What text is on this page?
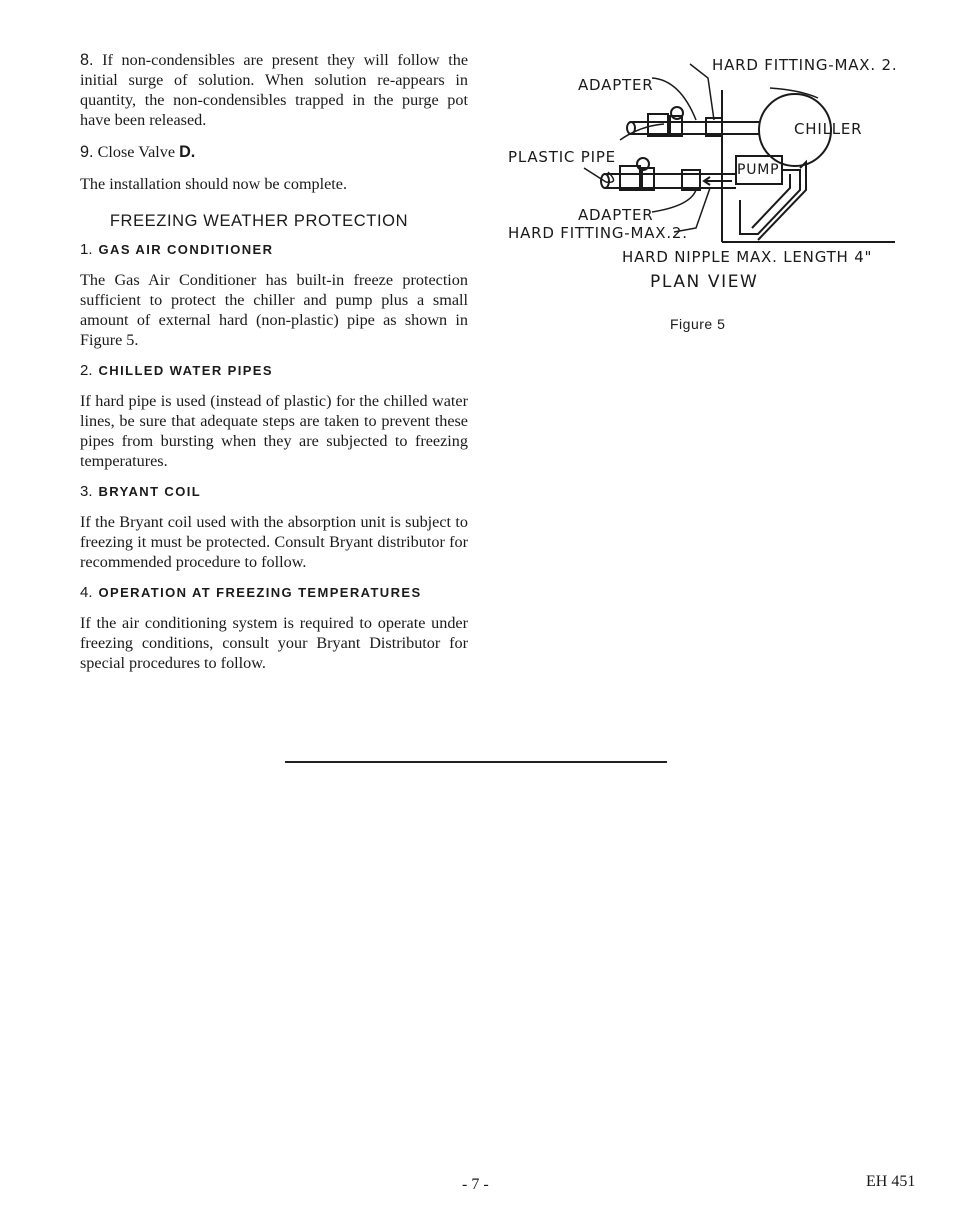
8. If non-condensibles are present they will follow the initial surge of solution. When solution re-appears in quantity, the non-condensibles trapped in the purge pot have been released.

9. Close Valve D.

The installation should now be complete.

FREEZING WEATHER PROTECTION
1. GAS AIR CONDITIONER

The Gas Air Conditioner has built-in freeze protection sufficient to protect the chiller and pump plus a small amount of external hard (non-plastic) pipe as shown in Figure 5.

2. CHILLED WATER PIPES

If hard pipe is used (instead of plastic) for the chilled water lines, be sure that adequate steps are taken to prevent these pipes from bursting when they are subjected to freezing temperatures.

3. BRYANT COIL

If the Bryant coil used with the absorption unit is subject to freezing it must be protected. Consult Bryant distributor for recommended procedure to follow.

4. OPERATION AT FREEZING TEMPERATURES

If the air conditioning system is required to operate under freezing conditions, consult your Bryant Distributor for special procedures to follow.

HARD FITTING-MAX. 2.
ADAPTER
CHILLER
PLASTIC PIPE
PUMP
ADAPTER
HARD FITTING-MAX.2.
HARD NIPPLE MAX. LENGTH 4"
PLAN VIEW
Figure 5
- 7 -	EH 451
